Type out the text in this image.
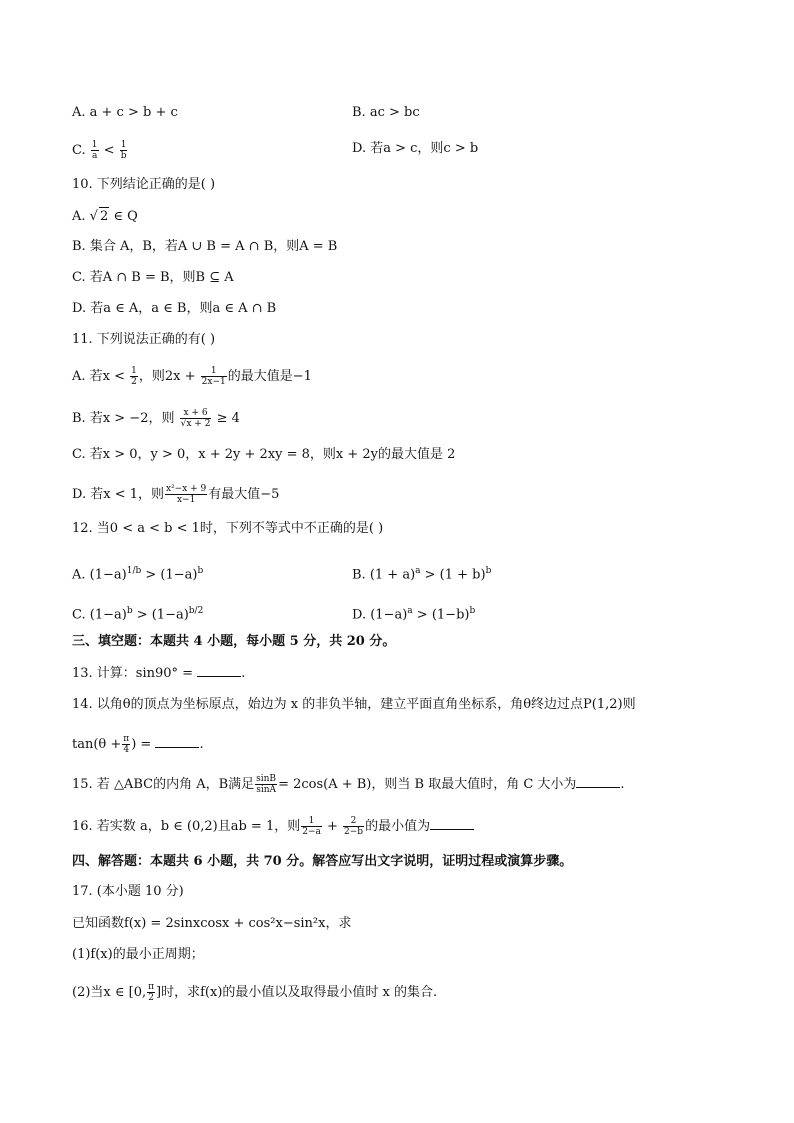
A. a + c > b + c	B. ac > bc
C. $\frac{1}{a} < \frac{1}{b}$	D. 若a > c，则c > b
10. 下列结论正确的是( )
A. √ 2 ∈ Q
B. 集合 A，B，若A ∪ B = A ∩ B，则A = B
C. 若A ∩ B = B，则B ⊆ A
D. 若a ∈ A，a ∈ B，则a ∈ A ∩ B
11. 下列说法正确的有( )
A. 若$x < \frac{1}{2}$ ，则$2x + \frac{1}{2x-1}$ 的最大值是−1
B. 若x > −2，则 $\frac{x + 6}{√x + 2} \ge 4$
C. 若x > 0，y > 0，x + 2y + 2xy = 8，则x + 2y的最大值是 2
D. 若x < 1，则 $\frac{\text{x²−x + 9}}{x-1}$ 有最大值−5
12. 当0 < a < b < 1时，下列不等式中不正确的是( )
A. $(1-a)^{1/b} > (1-a)^b$	B. $(1 + a)^a > (1 + b)^b$
C. $(1-a)^b > (1-a)^{b/2}$	D. $(1-a)^a > (1-b)^b$
三、填空题：本题共 4 小题，每小题 5 分，共 20 分。
13. 计算：sin90° =	.
14. 以角θ的顶点为坐标原点，始边为 x 的非负半轴，建立平面直角坐标系，角θ终边过点P(1,2)则
$\tan(\theta + \frac{\pi}{4}$ ) =	.
15. 若 △ABC的内角 A，B满足 $\frac{\sin B}{\sin A} = 2\cos(A + B)$，则当 B 取最大值时，角 C 大小为	.
16. 若实数 a，b ∈ (0,2)且ab = 1，则 $\frac{1}{2-a} + \frac{2}{2-b}$ 的最小值为
四、解答题：本题共 6 小题，共 70 分。解答应写出文字说明，证明过程或演算步骤。
17. (本小题 10 分)
已知函数f(x) = 2sinxcosx + cos²x−sin²x，求
(1)f(x)的最小正周期；
(2)当x ∈ [0, $\frac{\pi}{2}$ ]时，求f(x)的最小值以及取得最小值时 x 的集合.
